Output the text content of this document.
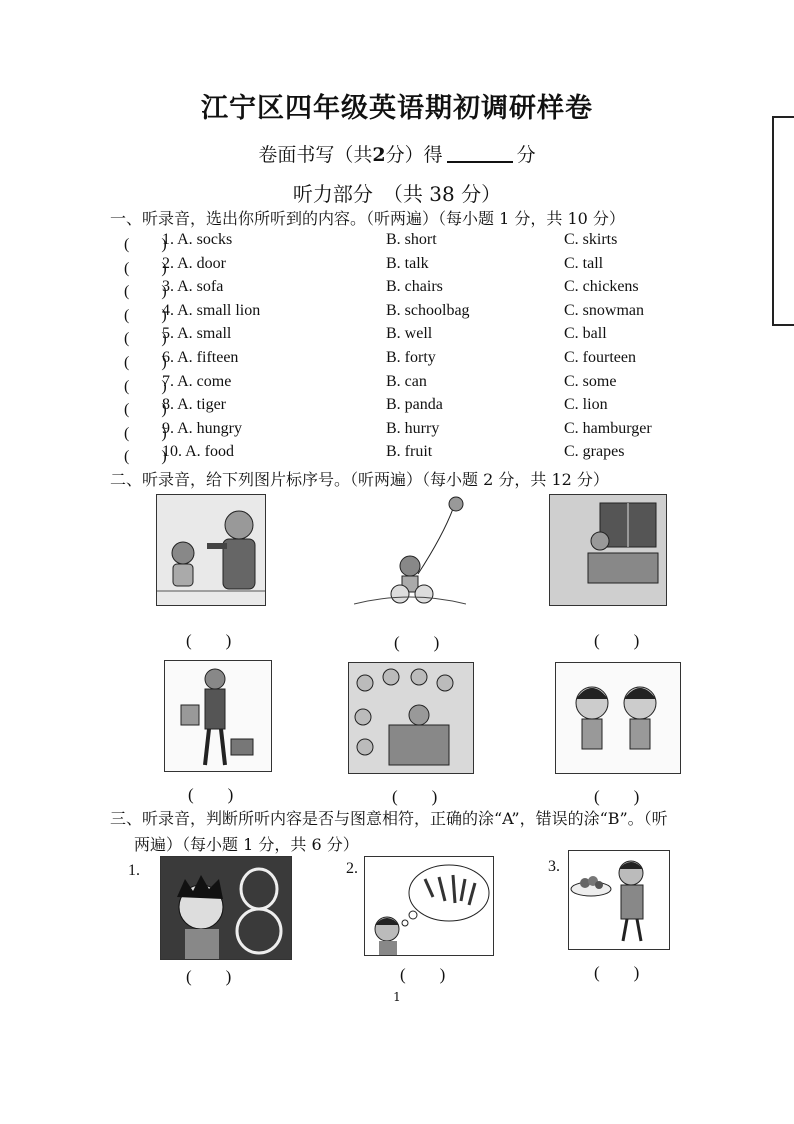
江宁区四年级英语期初调研样卷
卷面书写（共2分）得	分
听力部分　（共 38 分）
一、听录音，选出你所听到的内容。（听两遍）（每小题 1 分，共 10 分）
(　　)
1. A. socks	B. short	C. skirts
(　　)
2. A. door	B. talk	C. tall
(　　)
3. A. sofa	B. chairs	C. chickens
(　　)
4. A. small lion	B. schoolbag	C. snowman
(　　)
5. A. small	B. well	C. ball
(　　)
6. A. fifteen	B. forty	C. fourteen
(　　)
7. A. come	B. can	C. some
(　　)
8. A. tiger	B. panda	C. lion
(　　)
9. A. hungry	B. hurry	C. hamburger
(　　)
10. A. food	B. fruit	C. grapes
二、听录音，给下列图片标序号。（听两遍）（每小题 2 分，共 12 分）
(　　)	(　　)	(　　)
(　　)	(　　)	(　　)
三、听录音，判断所听内容是否与图意相符，正确的涂“A”，错误的涂“B”。（听
两遍）（每小题 1 分，共 6 分）
1.
(　　)
2.
(　　)
3.
(　　)
1
